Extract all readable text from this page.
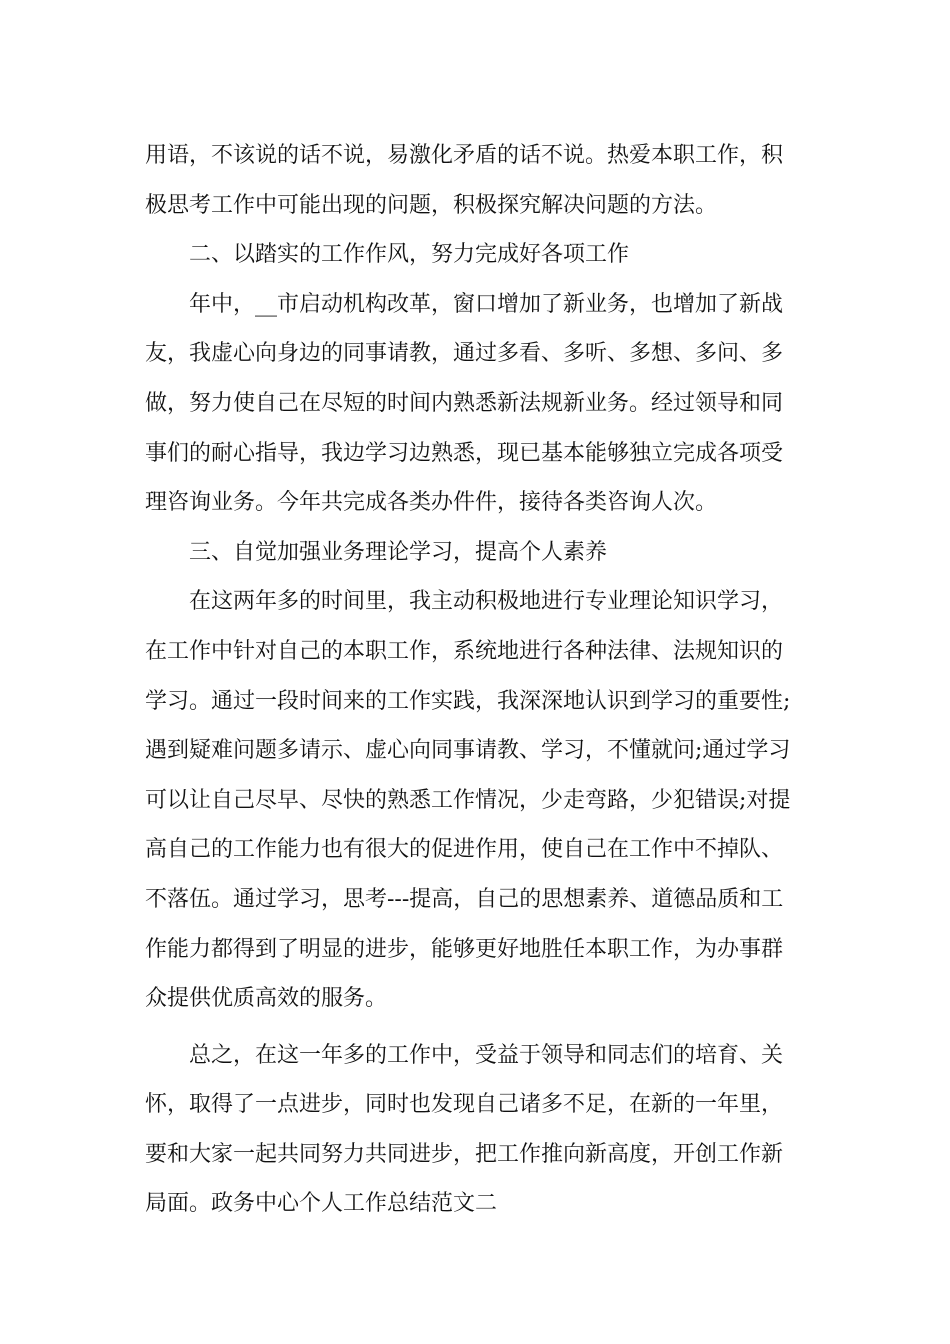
用语，不该说的话不说，易激化矛盾的话不说。热爱本职工作，积
极思考工作中可能出现的问题，积极探究解决问题的方法。
二、以踏实的工作作风，努力完成好各项工作
年中，__市启动机构改革，窗口增加了新业务，也增加了新战
友，我虚心向身边的同事请教，通过多看、多听、多想、多问、多
做，努力使自己在尽短的时间内熟悉新法规新业务。经过领导和同
事们的耐心指导，我边学习边熟悉，现已基本能够独立完成各项受
理咨询业务。今年共完成各类办件件，接待各类咨询人次。
三、自觉加强业务理论学习，提高个人素养
在这两年多的时间里，我主动积极地进行专业理论知识学习，
在工作中针对自己的本职工作，系统地进行各种法律、法规知识的
学习。通过一段时间来的工作实践，我深深地认识到学习的重要性;
遇到疑难问题多请示、虚心向同事请教、学习，不懂就问;通过学习
可以让自己尽早、尽快的熟悉工作情况，少走弯路，少犯错误;对提
高自己的工作能力也有很大的促进作用，使自己在工作中不掉队、
不落伍。通过学习，思考---提高，自己的思想素养、道德品质和工
作能力都得到了明显的进步，能够更好地胜任本职工作，为办事群
众提供优质高效的服务。
总之，在这一年多的工作中，受益于领导和同志们的培育、关
怀，取得了一点进步，同时也发现自己诸多不足，在新的一年里，
要和大家一起共同努力共同进步，把工作推向新高度，开创工作新
局面。政务中心个人工作总结范文二
